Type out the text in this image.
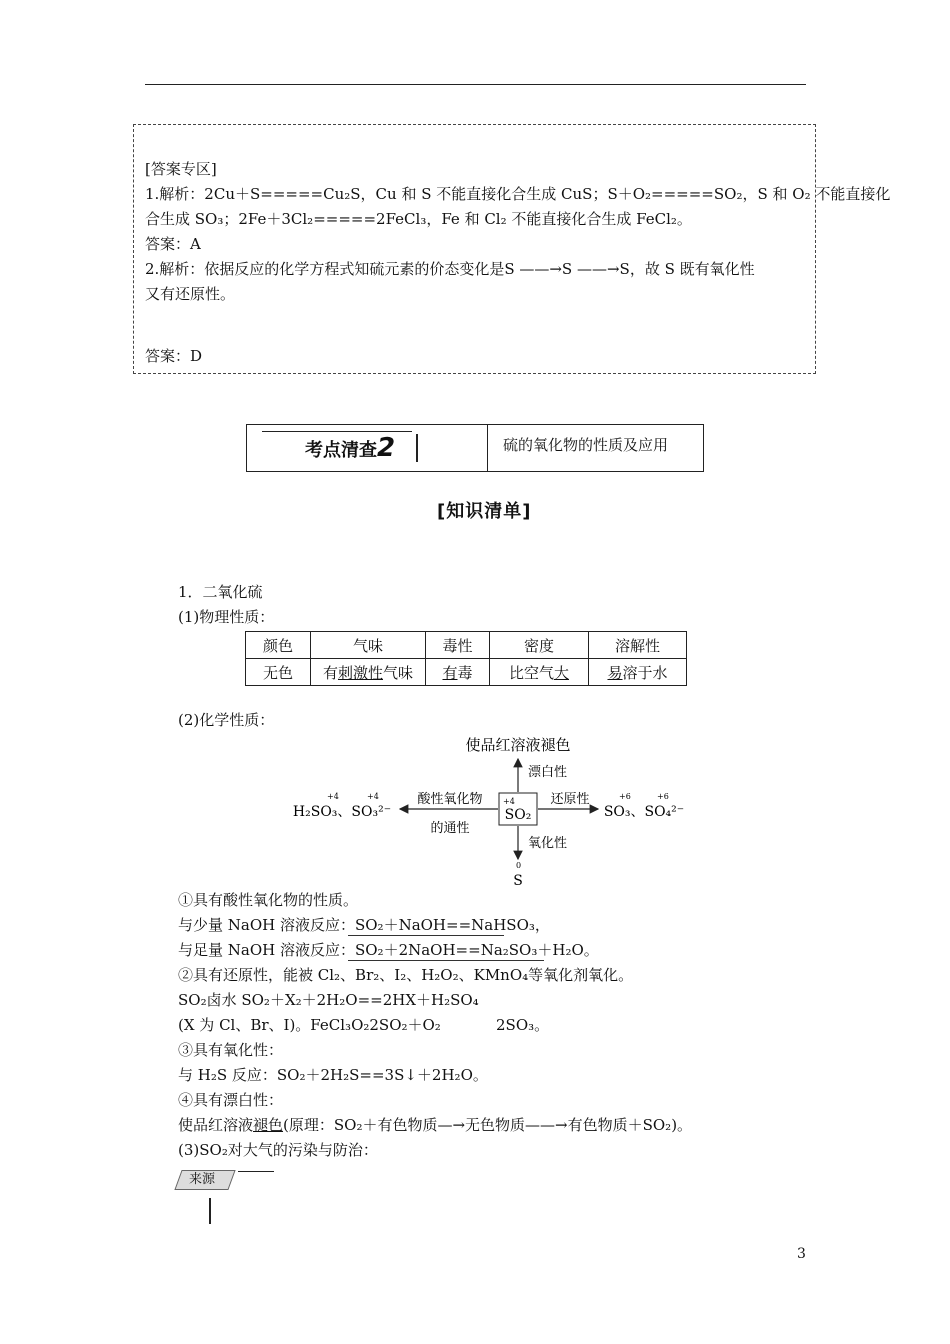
[答案专区]
1.解析：2Cu＋S=====Cu₂S，Cu 和 S 不能直接化合生成 CuS；S＋O₂=====SO₂，S 和 O₂ 不能直接化
合生成 SO₃；2Fe＋3Cl₂=====2FeCl₃，Fe 和 Cl₂ 不能直接化合生成 FeCl₂。
答案：A
2.解析：依据反应的化学方程式知硫元素的价态变化是S ——→S ——→S，故 S 既有氧化性
又有还原性。
答案：D
考点清查2	硫的氧化物的性质及应用
[知识清单]
1．二氧化硫
(1)物理性质：
颜色	气味	毒性	密度	溶解性
无色	有刺激性气味	有毒	比空气大	易溶于水
(2)化学性质：
使品红溶液褪色
漂白性
+4
SO₂
酸性氧化物
的通性
H₂SO₃、SO₃²⁻
+4	+4	还原性
SO₃、SO₄²⁻
+6	+6
氧化性
0
S
①具有酸性氧化物的性质。
与少量 NaOH 溶液反应：SO₂＋NaOH==NaHSO₃，
与足量 NaOH 溶液反应：SO₂＋2NaOH==Na₂SO₃＋H₂O。
②具有还原性，能被 Cl₂、Br₂、I₂、H₂O₂、KMnO₄等氧化剂氧化。
SO₂卤水 SO₂＋X₂＋2H₂O==2HX＋H₂SO₄
(X 为 Cl、Br、I)。FeCl₃O₂2SO₂＋O₂	2SO₃。
③具有氧化性：
与 H₂S 反应：SO₂＋2H₂S==3S↓＋2H₂O。
④具有漂白性：
使品红溶液褪色(原理：SO₂＋有色物质—→无色物质——→有色物质＋SO₂)。
(3)SO₂对大气的污染与防治：
来源
3
